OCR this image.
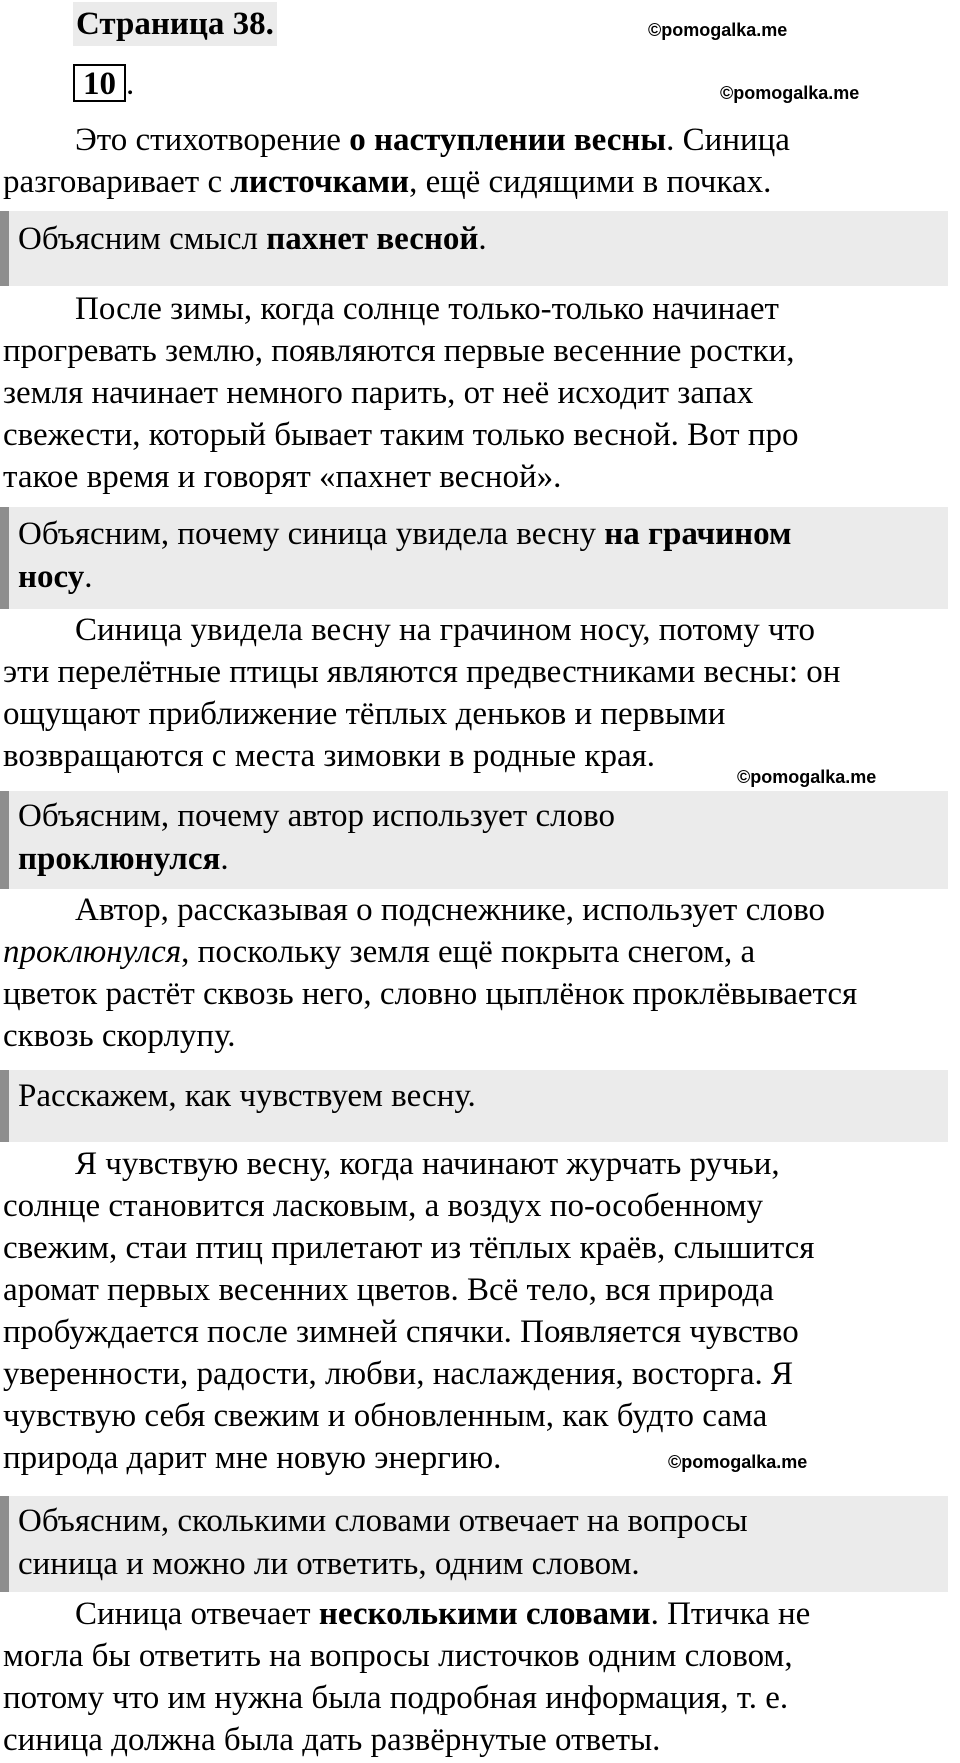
Страница 38.	©pomogalka.me
10 .	©pomogalka.me
Это стихотворение о наступлении весны. Синица
разговаривает с листочками, ещё сидящими в почках.
Объясним смысл пахнет весной.
После зимы, когда солнце только-только начинает
прогревать землю, появляются первые весенние ростки,
земля начинает немного парить, от неё исходит запах
свежести, который бывает таким только весной. Вот про
такое время и говорят «пахнет весной».
Объясним, почему синица увидела весну на грачином
носу.
Синица увидела весну на грачином носу, потому что
эти перелётные птицы являются предвестниками весны: он
ощущают приближение тёплых деньков и первыми
возвращаются с места зимовки в родные края.
©pomogalka.me
Объясним, почему автор использует слово
проклюнулся.
Автор, рассказывая о подснежнике, использует слово
проклюнулся, поскольку земля ещё покрыта снегом, а
цветок растёт сквозь него, словно цыплёнок проклёвывается
сквозь скорлупу.
Расскажем, как чувствуем весну.
Я чувствую весну, когда начинают журчать ручьи,
солнце становится ласковым, а воздух по-особенному
свежим, стаи птиц прилетают из тёплых краёв, слышится
аромат первых весенних цветов. Всё тело, вся природа
пробуждается после зимней спячки. Появляется чувство
уверенности, радости, любви, наслаждения, восторга. Я
чувствую себя свежим и обновленным, как будто сама
природа дарит мне новую энергию.	©pomogalka.me
Объясним, сколькими словами отвечает на вопросы
синица и можно ли ответить, одним словом.
Синица отвечает несколькими словами. Птичка не
могла бы ответить на вопросы листочков одним словом,
потому что им нужна была подробная информация, т. е.
синица должна была дать развёрнутые ответы.
